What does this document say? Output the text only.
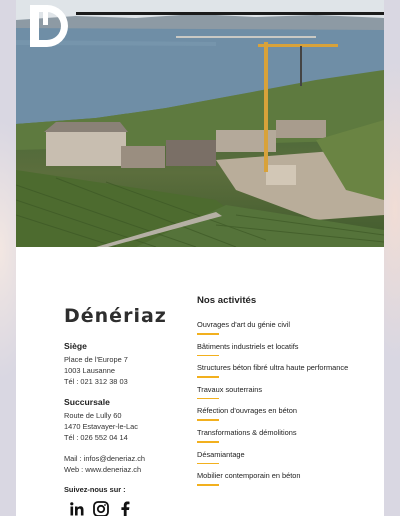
Dénériaz
Siège
Place de l'Europe 7
1003 Lausanne
Tél : 021 312 38 03
Succursale
Route de Lully 60
1470 Estavayer-le-Lac
Tél : 026 552 04 14
Mail : infos@deneriaz.ch
Web : www.deneriaz.ch
Suivez-nous sur :
Nos activités
Ouvrages d'art du génie civil
Bâtiments industriels et locatifs
Structures béton fibré ultra haute performance
Travaux souterrains
Réfection d'ouvrages en béton
Transformations & démolitions
Désamiantage
Mobilier contemporain en béton
